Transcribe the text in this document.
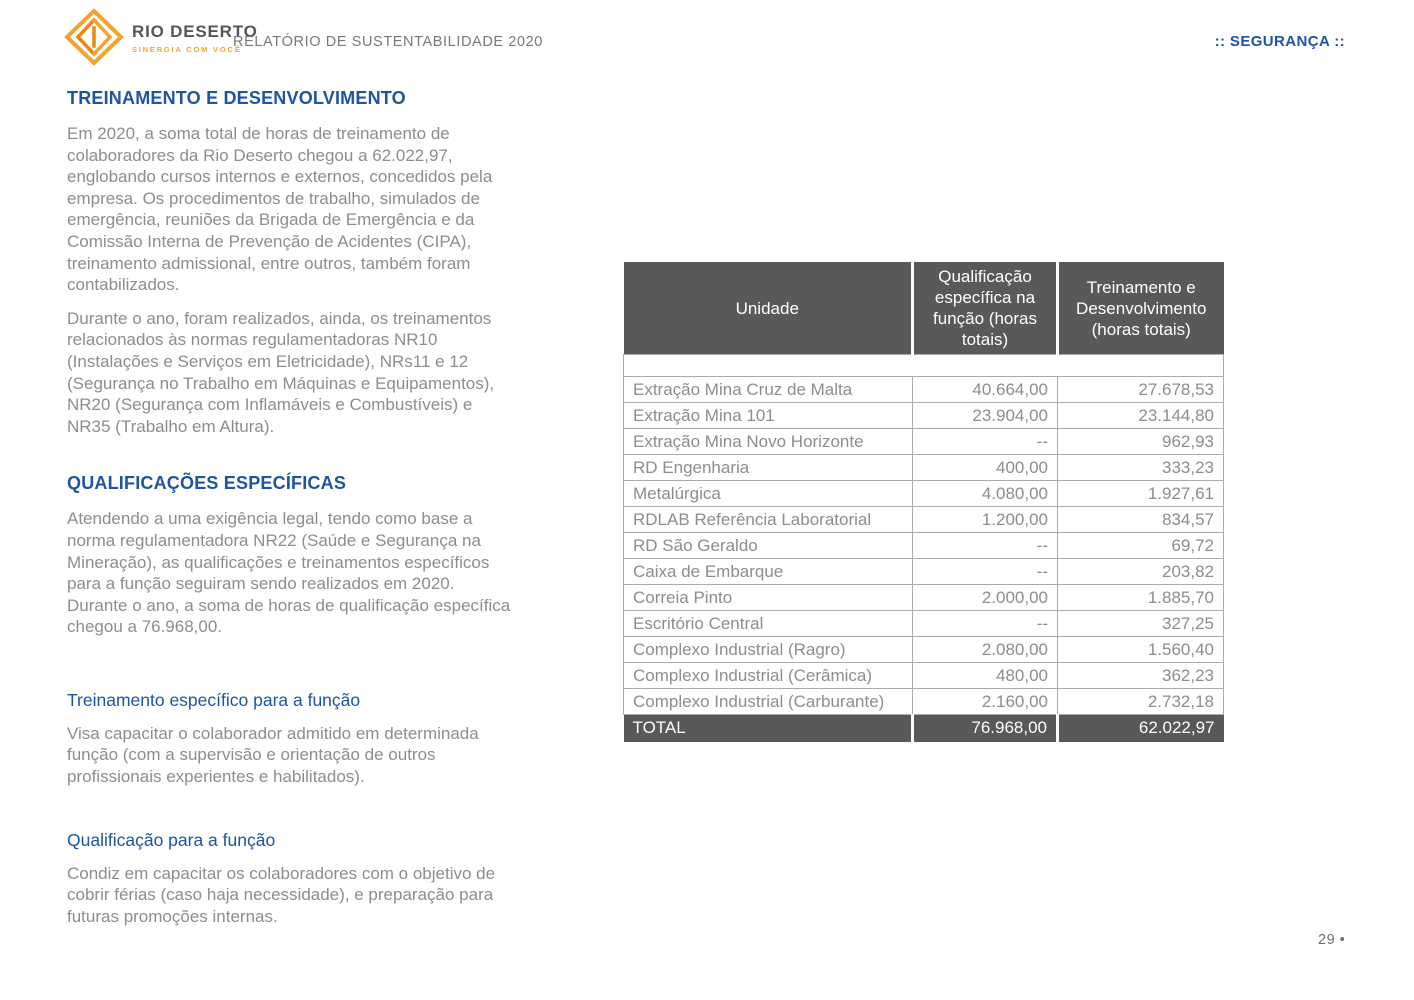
RIO DESERTO
SINERGIA COM VOCÊ
RELATÓRIO DE SUSTENTABILIDADE 2020	:: SEGURANÇA ::
TREINAMENTO E DESENVOLVIMENTO

Em 2020, a soma total de horas de treinamento de colaboradores da Rio Deserto chegou a 62.022,97, englobando cursos internos e externos, concedidos pela empresa. Os procedimentos de trabalho, simulados de emergência, reuniões da Brigada de Emergência e da Comissão Interna de Prevenção de Acidentes (CIPA), treinamento admissional, entre outros, também foram contabilizados.

Durante o ano, foram realizados, ainda, os treinamentos relacionados às normas regulamentadoras NR10 (Instalações e Serviços em Eletricidade), NRs11 e 12 (Segurança no Trabalho em Máquinas e Equipamentos), NR20 (Segurança com Inflamáveis e Combustíveis) e NR35 (Trabalho em Altura).

QUALIFICAÇÕES ESPECÍFICAS

Atendendo a uma exigência legal, tendo como base a norma regulamentadora NR22 (Saúde e Segurança na Mineração), as qualificações e treinamentos específicos para a função seguiram sendo realizados em 2020. Durante o ano, a soma de horas de qualificação específica chegou a 76.968,00.

Treinamento específico para a função

Visa capacitar o colaborador admitido em determinada função (com a supervisão e orientação de outros profissionais experientes e habilitados).

Qualificação para a função

Condiz em capacitar os colaboradores com o objetivo de cobrir férias (caso haja necessidade), e preparação para futuras promoções internas.

Unidade	Qualificação específica na função (horas totais)	Treinamento e Desenvolvimento (horas totais)

Extração Mina Cruz de Malta	40.664,00	27.678,53
Extração Mina 101	23.904,00	23.144,80
Extração Mina Novo Horizonte	--	962,93
RD Engenharia	400,00	333,23
Metalúrgica	4.080,00	1.927,61
RDLAB Referência Laboratorial	1.200,00	834,57
RD São Geraldo	--	69,72
Caixa de Embarque	--	203,82
Correia Pinto	2.000,00	1.885,70
Escritório Central	--	327,25
Complexo Industrial (Ragro)	2.080,00	1.560,40
Complexo Industrial (Cerâmica)	480,00	362,23
Complexo Industrial (Carburante)	2.160,00	2.732,18
TOTAL	76.968,00	62.022,97
29 •
